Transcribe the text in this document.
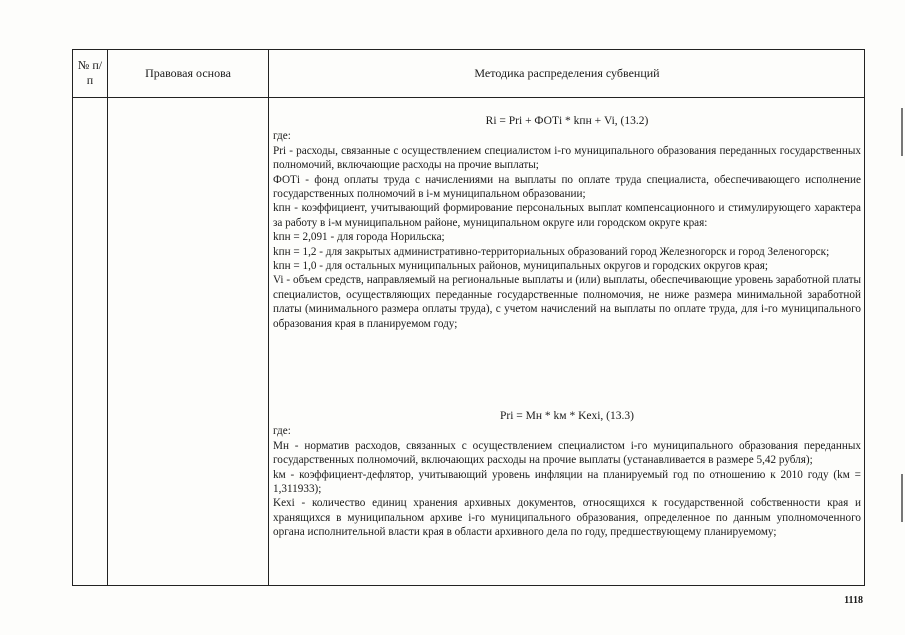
№ п/п	Правовая основа	Методика распределения субвенций
Ri = Pri + ФОТi * kпн + Vi, (13.2)

где:

Pri - расходы, связанные с осуществлением специалистом i-го муниципального образования переданных государственных полномочий, включающие расходы на прочие выплаты;

ФОТi - фонд оплаты труда с начислениями на выплаты по оплате труда специалиста, обеспечивающего исполнение государственных полномочий в i-м муниципальном образовании;

kпн - коэффициент, учитывающий формирование персональных выплат компенсационного и стимулирующего характера за работу в i-м муниципальном районе, муниципальном округе или городском округе края:

kпн = 2,091 - для города Норильска;

kпн = 1,2 - для закрытых административно-территориальных образований город Железногорск и город Зеленогорск;

kпн = 1,0 - для остальных муниципальных районов, муниципальных округов и городских округов края;

Vi - объем средств, направляемый на региональные выплаты и (или) выплаты, обеспечивающие уровень заработной платы специалистов, осуществляющих переданные государственные полномочия, не ниже размера минимальной заработной платы (минимального размера оплаты труда), с учетом начислений на выплаты по оплате труда, для i-го муниципального образования края в планируемом году;

Pri = Мн * kм * Kexi, (13.3)

где:

Мн - норматив расходов, связанных с осуществлением специалистом i-го муниципального образования переданных государственных полномочий, включающих расходы на прочие выплаты (устанавливается в размере 5,42 рубля);

kм - коэффициент-дефлятор, учитывающий уровень инфляции на планируемый год по отношению к 2010 году (kм = 1,311933);

Kexi - количество единиц хранения архивных документов, относящихся к государственной собственности края и хранящихся в муниципальном архиве i-го муниципального образования, определенное по данным уполномоченного органа исполнительной власти края в области архивного дела по году, предшествующему планируемому;

1118
